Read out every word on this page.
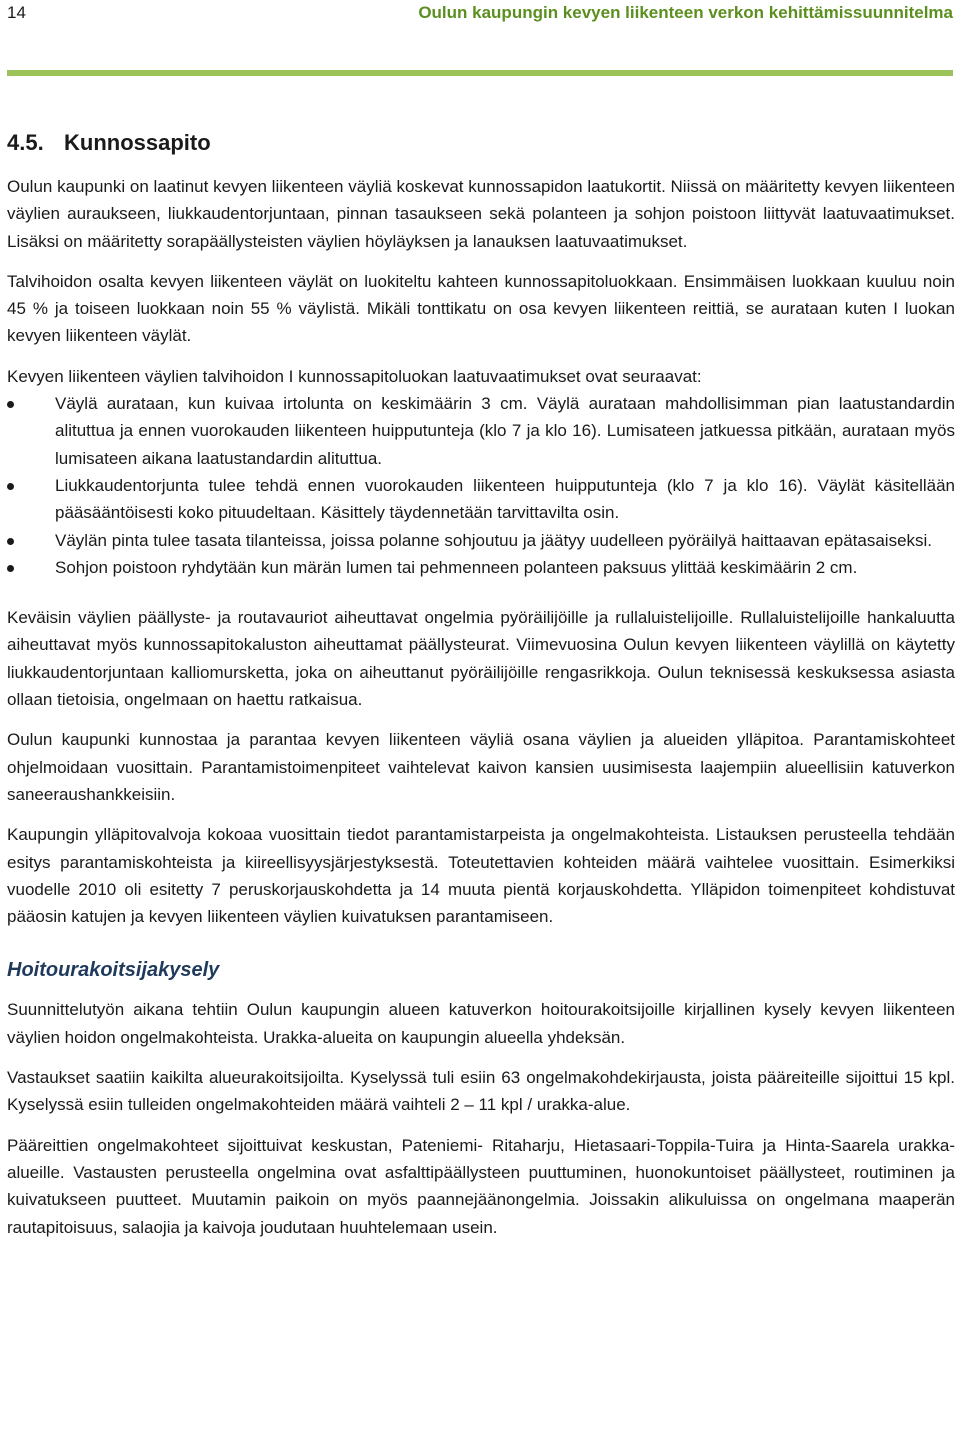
14	Oulun kaupungin kevyen liikenteen verkon kehittämissuunnitelma
4.5. Kunnossapito

Oulun kaupunki on laatinut kevyen liikenteen väyliä koskevat kunnossapidon laatukortit. Niissä on määritetty kevyen liikenteen väylien auraukseen, liukkaudentorjuntaan, pinnan tasaukseen sekä polanteen ja sohjon poistoon liittyvät laatuvaatimukset. Lisäksi on määritetty sorapäällysteisten väylien höyläyksen ja lanauksen laatuvaatimukset.

Talvihoidon osalta kevyen liikenteen väylät on luokiteltu kahteen kunnossapitoluokkaan. Ensimmäisen luokkaan kuuluu noin 45 % ja toiseen luokkaan noin 55 % väylistä. Mikäli tonttikatu on osa kevyen liikenteen reittiä, se aurataan kuten I luokan kevyen liikenteen väylät.

Kevyen liikenteen väylien talvihoidon I kunnossapitoluokan laatuvaatimukset ovat seuraavat:

Väylä aurataan, kun kuivaa irtolunta on keskimäärin 3 cm. Väylä aurataan mahdollisimman pian laatustandardin alituttua ja ennen vuorokauden liikenteen huipputunteja (klo 7 ja klo 16). Lumisateen jatkuessa pitkään, aurataan myös lumisateen aikana laatustandardin alituttua.
Liukkaudentorjunta tulee tehdä ennen vuorokauden liikenteen huipputunteja (klo 7 ja klo 16). Väylät käsitellään pääsääntöisesti koko pituudeltaan. Käsittely täydennetään tarvittavilta osin.
Väylän pinta tulee tasata tilanteissa, joissa polanne sohjoutuu ja jäätyy uudelleen pyöräilyä haittaavan epätasaiseksi.
Sohjon poistoon ryhdytään kun märän lumen tai pehmenneen polanteen paksuus ylittää keskimäärin 2 cm.

Keväisin väylien päällyste- ja routavauriot aiheuttavat ongelmia pyöräilijöille ja rullaluistelijoille. Rullaluistelijoille hankaluutta aiheuttavat myös kunnossapitokaluston aiheuttamat päällysteurat. Viimevuosina Oulun kevyen liikenteen väylillä on käytetty liukkaudentorjuntaan kalliomursketta, joka on aiheuttanut pyöräilijöille rengasrikkoja. Oulun teknisessä keskuksessa asiasta ollaan tietoisia, ongelmaan on haettu ratkaisua.

Oulun kaupunki kunnostaa ja parantaa kevyen liikenteen väyliä osana väylien ja alueiden ylläpitoa. Parantamiskohteet ohjelmoidaan vuosittain. Parantamistoimenpiteet vaihtelevat kaivon kansien uusimisesta laajempiin alueellisiin katuverkon saneeraushankkeisiin.

Kaupungin ylläpitovalvoja kokoaa vuosittain tiedot parantamistarpeista ja ongelmakohteista. Listauksen perusteella tehdään esitys parantamiskohteista ja kiireellisyysjärjestyksestä. Toteutettavien kohteiden määrä vaihtelee vuosittain. Esimerkiksi vuodelle 2010 oli esitetty 7 peruskorjauskohdetta ja 14 muuta pientä korjauskohdetta. Ylläpidon toimenpiteet kohdistuvat pääosin katujen ja kevyen liikenteen väylien kuivatuksen parantamiseen.

Hoitourakoitsijakysely

Suunnittelutyön aikana tehtiin Oulun kaupungin alueen katuverkon hoitourakoitsijoille kirjallinen kysely kevyen liikenteen väylien hoidon ongelmakohteista. Urakka-alueita on kaupungin alueella yhdeksän.

Vastaukset saatiin kaikilta alueurakoitsijoilta. Kyselyssä tuli esiin 63 ongelmakohdekirjausta, joista pääreiteille sijoittui 15 kpl. Kyselyssä esiin tulleiden ongelmakohteiden määrä vaihteli 2 – 11 kpl / urakka-alue.

Pääreittien ongelmakohteet sijoittuivat keskustan, Pateniemi- Ritaharju, Hietasaari-Toppila-Tuira ja Hinta-Saarela urakka-alueille. Vastausten perusteella ongelmina ovat asfalttipäällysteen puuttuminen, huonokuntoiset päällysteet, routiminen ja kuivatukseen puutteet. Muutamin paikoin on myös paannejäänongelmia. Joissakin alikuluissa on ongelmana maaperän rautapitoisuus, salaojia ja kaivoja joudutaan huuhtelemaan usein.
